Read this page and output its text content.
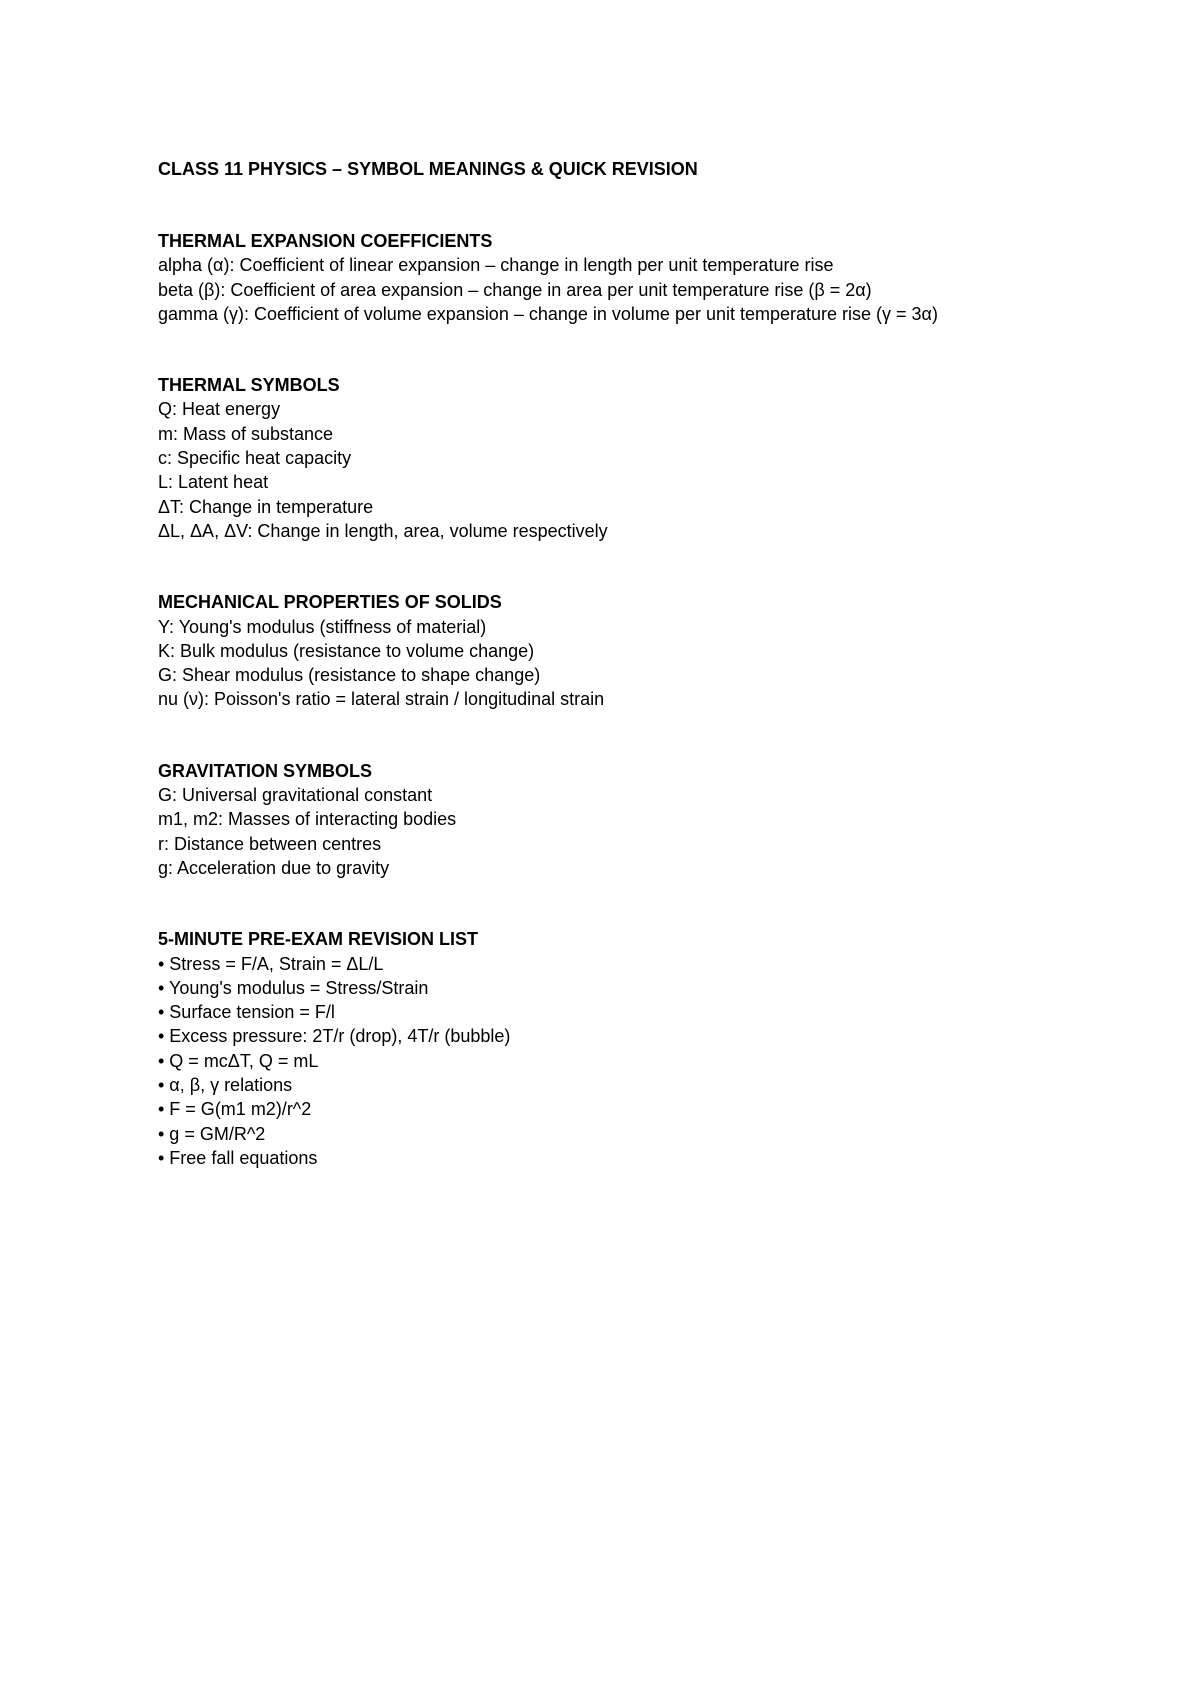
CLASS 11 PHYSICS – SYMBOL MEANINGS & QUICK REVISION
THERMAL EXPANSION COEFFICIENTS
alpha (α): Coefficient of linear expansion – change in length per unit temperature rise
beta (β): Coefficient of area expansion – change in area per unit temperature rise (β = 2α)
gamma (γ): Coefficient of volume expansion – change in volume per unit temperature rise (γ = 3α)
THERMAL SYMBOLS
Q: Heat energy
m: Mass of substance
c: Specific heat capacity
L: Latent heat
ΔT: Change in temperature
ΔL, ΔA, ΔV: Change in length, area, volume respectively
MECHANICAL PROPERTIES OF SOLIDS
Y: Young's modulus (stiffness of material)
K: Bulk modulus (resistance to volume change)
G: Shear modulus (resistance to shape change)
nu (ν): Poisson's ratio = lateral strain / longitudinal strain
GRAVITATION SYMBOLS
G: Universal gravitational constant
m1, m2: Masses of interacting bodies
r: Distance between centres
g: Acceleration due to gravity
5-MINUTE PRE-EXAM REVISION LIST
• Stress = F/A, Strain = ΔL/L
• Young's modulus = Stress/Strain
• Surface tension = F/l
• Excess pressure: 2T/r (drop), 4T/r (bubble)
• Q = mcΔT, Q = mL
• α, β, γ relations
• F = G(m1 m2)/r^2
• g = GM/R^2
• Free fall equations
